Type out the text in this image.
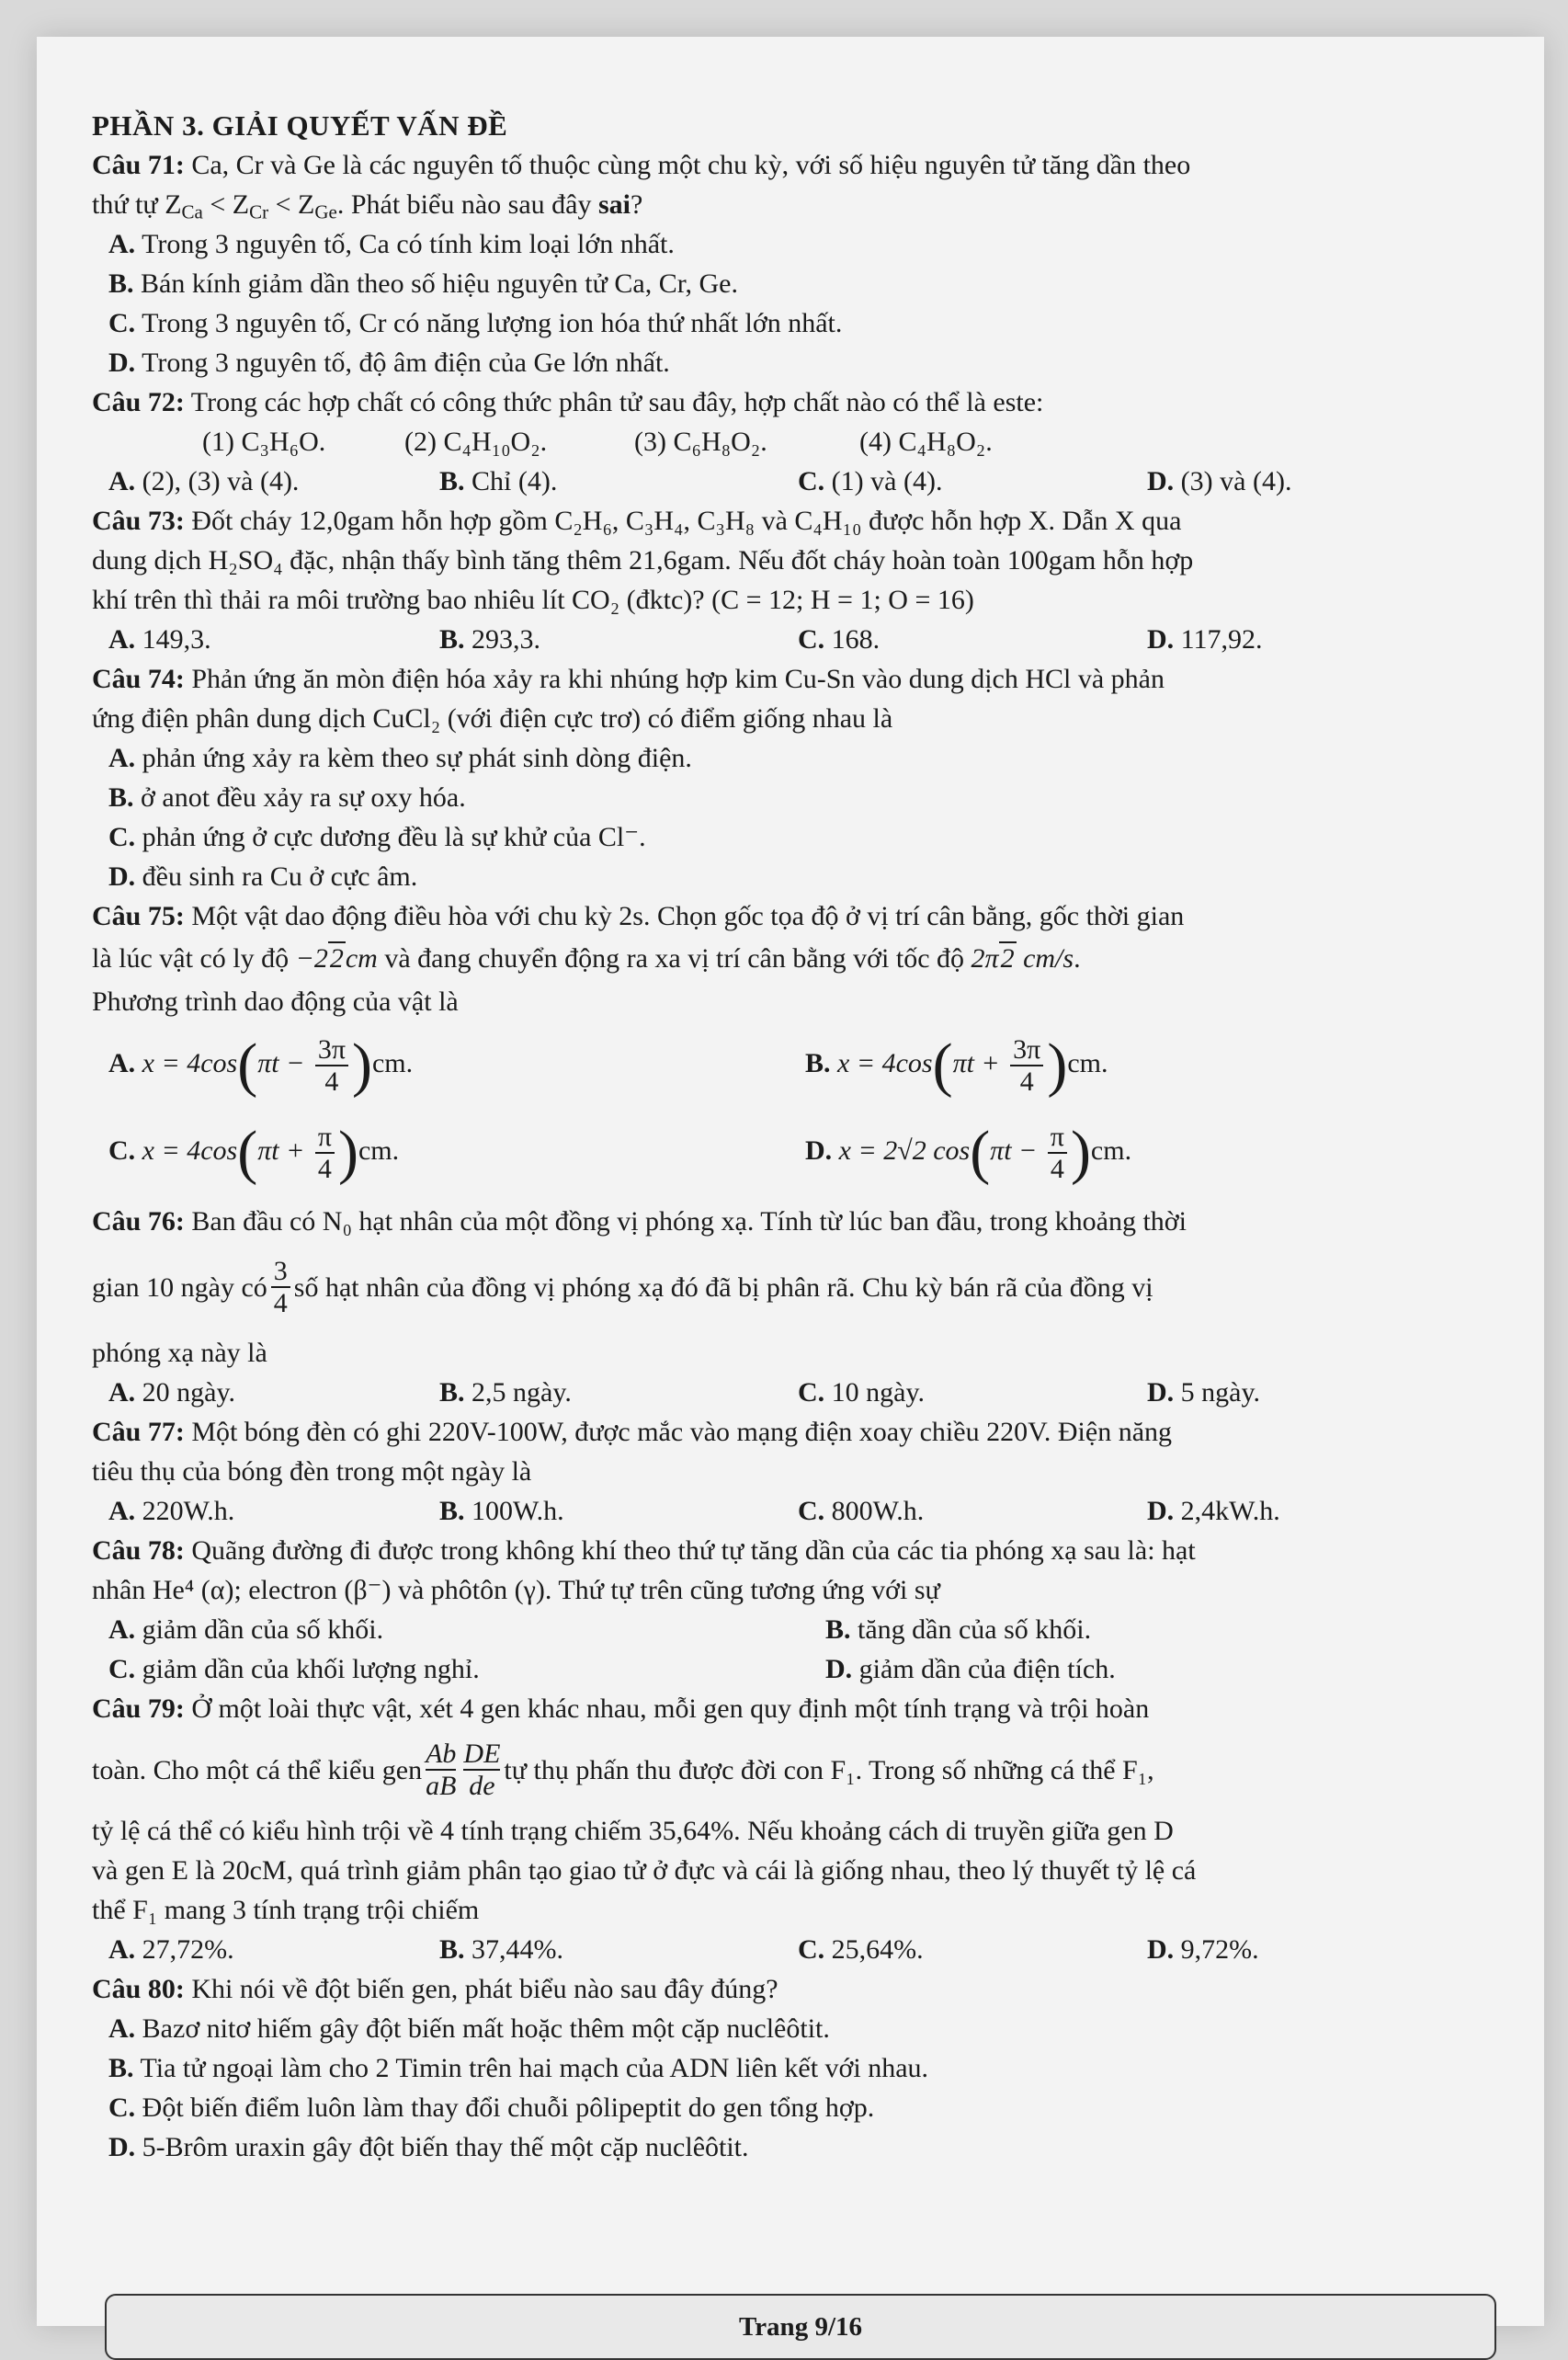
PHẦN 3. GIẢI QUYẾT VẤN ĐỀ
Câu 71: Ca, Cr và Ge là các nguyên tố thuộc cùng một chu kỳ, với số hiệu nguyên tử tăng dần theo
thứ tự $Z_{Ca} < Z_{Cr} < Z_{Ge}$. Phát biểu nào sau đây sai?
A. Trong 3 nguyên tố, Ca có tính kim loại lớn nhất.
B. Bán kính giảm dần theo số hiệu nguyên tử Ca, Cr, Ge.
C. Trong 3 nguyên tố, Cr có năng lượng ion hóa thứ nhất lớn nhất.
D. Trong 3 nguyên tố, độ âm điện của Ge lớn nhất.
Câu 72: Trong các hợp chất có công thức phân tử sau đây, hợp chất nào có thể là este:
(1) C₃H₆O.	(2) C₄H₁₀O₂.	(3) C₆H₈O₂.	(4) C₄H₈O₂.
A. (2), (3) và (4).	B. Chỉ (4).	C. (1) và (4).	D. (3) và (4).
Câu 73: Đốt cháy 12,0gam hỗn hợp gồm C₂H₆, C₃H₄, C₃H₈ và C₄H₁₀ được hỗn hợp X. Dẫn X qua
dung dịch H₂SO₄ đặc, nhận thấy bình tăng thêm 21,6gam. Nếu đốt cháy hoàn toàn 100gam hỗn hợp
khí trên thì thải ra môi trường bao nhiêu lít CO₂ (đktc)? (C = 12; H = 1; O = 16)
A. 149,3.	B. 293,3.	C. 168.	D. 117,92.
Câu 74: Phản ứng ăn mòn điện hóa xảy ra khi nhúng hợp kim Cu-Sn vào dung dịch HCl và phản
ứng điện phân dung dịch CuCl₂ (với điện cực trơ) có điểm giống nhau là
A. phản ứng xảy ra kèm theo sự phát sinh dòng điện.
B. ở anot đều xảy ra sự oxy hóa.
C. phản ứng ở cực dương đều là sự khử của Cl⁻.
D. đều sinh ra Cu ở cực âm.
Câu 75: Một vật dao động điều hòa với chu kỳ 2s. Chọn gốc tọa độ ở vị trí cân bằng, gốc thời gian
là lúc vật có ly độ −22cm và đang chuyển động ra xa vị trí cân bằng với tốc độ 2π2 cm/s.
Phương trình dao động của vật là
A. $x = 4\cos(\pi t - \frac{3\pi}{4} )cm$.	B. $x = 4\cos(\pi t + \frac{3\pi}{4} )cm$.
C. $x = 4\cos(\pi t + \frac{\pi}{4} )cm$.	D. x = 2√2 $\cos(\pi t - \frac{\pi}{4} )cm$.
Câu 76: Ban đầu có N₀ hạt nhân của một đồng vị phóng xạ. Tính từ lúc ban đầu, trong khoảng thời
gian 10 ngày có $\frac{3}{4}$ số hạt nhân của đồng vị phóng xạ đó đã bị phân rã. Chu kỳ bán rã của đồng vị
phóng xạ này là
A. 20 ngày.	B. 2,5 ngày.	C. 10 ngày.	D. 5 ngày.
Câu 77: Một bóng đèn có ghi 220V-100W, được mắc vào mạng điện xoay chiều 220V. Điện năng
tiêu thụ của bóng đèn trong một ngày là
A. 220W.h.	B. 100W.h.	C. 800W.h.	D. 2,4kW.h.
Câu 78: Quãng đường đi được trong không khí theo thứ tự tăng dần của các tia phóng xạ sau là: hạt
nhân He⁴ (α); electron (β⁻) và phôtôn (γ). Thứ tự trên cũng tương ứng với sự
A. giảm dần của số khối.	B. tăng dần của số khối.
C. giảm dần của khối lượng nghỉ.	D. giảm dần của điện tích.
Câu 79: Ở một loài thực vật, xét 4 gen khác nhau, mỗi gen quy định một tính trạng và trội hoàn
toàn. Cho một cá thể kiểu gen
Ab
aB
DE
de
tự thụ phấn thu được đời con F₁. Trong số những cá thể F₁,
tỷ lệ cá thể có kiểu hình trội về 4 tính trạng chiếm 35,64%. Nếu khoảng cách di truyền giữa gen D
và gen E là 20cM, quá trình giảm phân tạo giao tử ở đực và cái là giống nhau, theo lý thuyết tỷ lệ cá
thể F₁ mang 3 tính trạng trội chiếm
A. 27,72%.	B. 37,44%.	C. 25,64%.	D. 9,72%.
Câu 80: Khi nói về đột biến gen, phát biểu nào sau đây đúng?
A. Bazơ nitơ hiếm gây đột biến mất hoặc thêm một cặp nuclêôtit.
B. Tia tử ngoại làm cho 2 Timin trên hai mạch của ADN liên kết với nhau.
C. Đột biến điểm luôn làm thay đổi chuỗi pôlipeptit do gen tổng hợp.
D. 5-Brôm uraxin gây đột biến thay thế một cặp nuclêôtit.
Trang 9/16
